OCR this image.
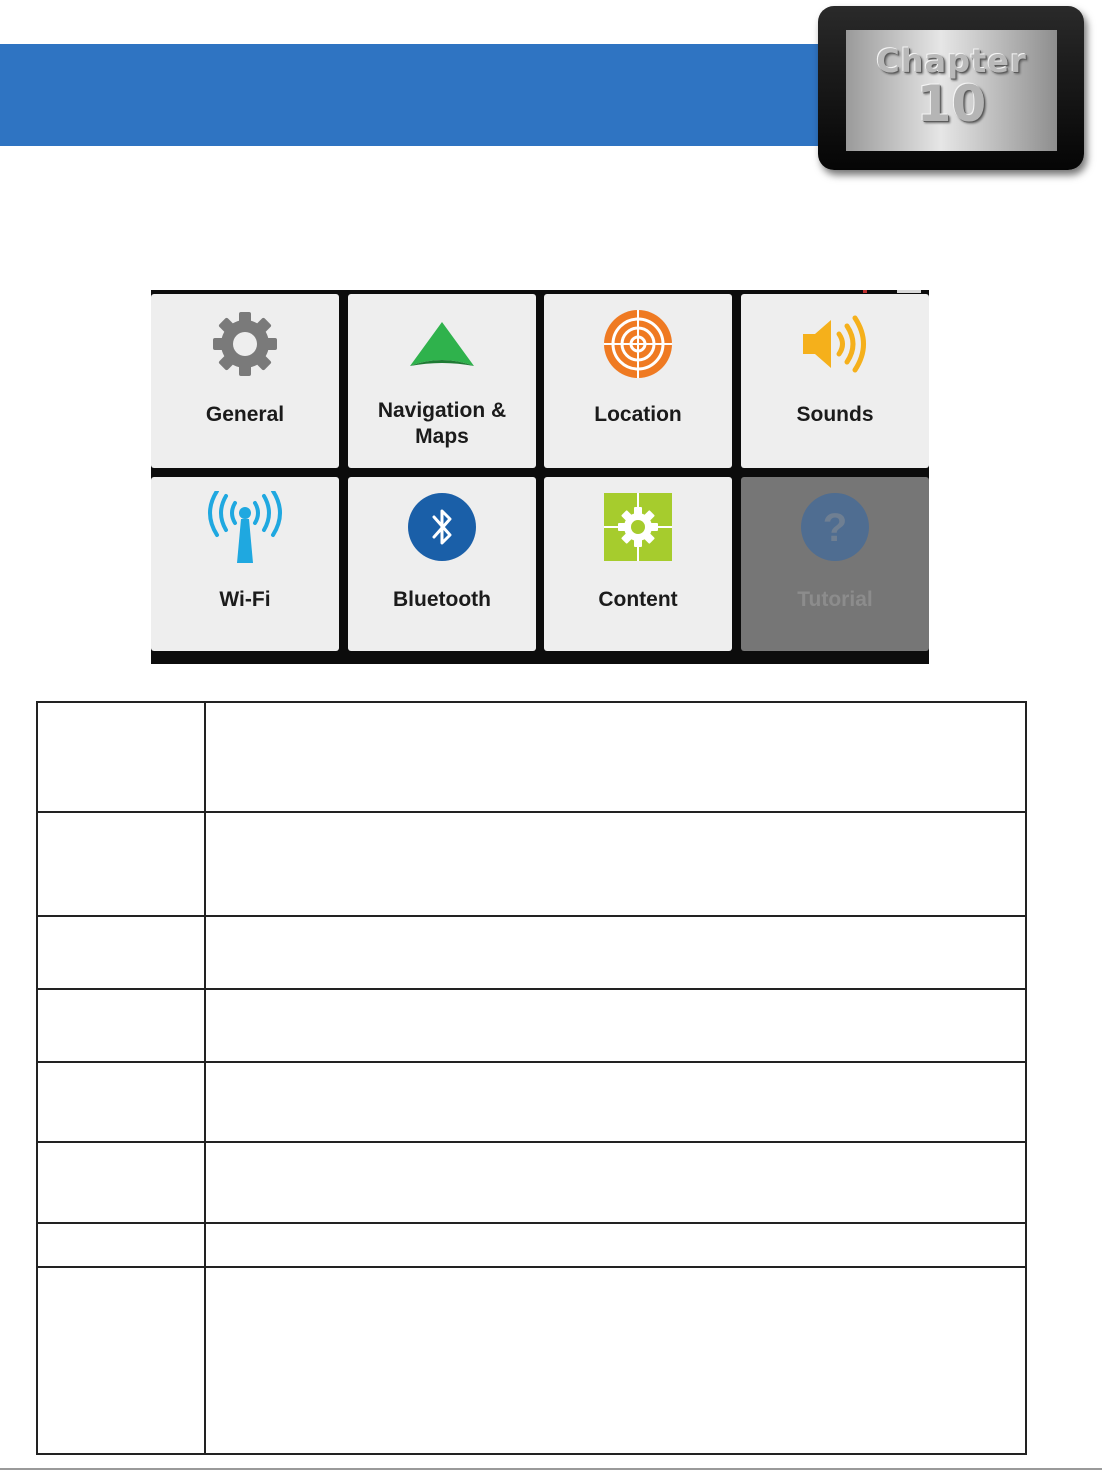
Chapter
10
General	Navigation & Maps
Location	Sounds
Wi-Fi	Bluetooth	Content
?
Tutorial
